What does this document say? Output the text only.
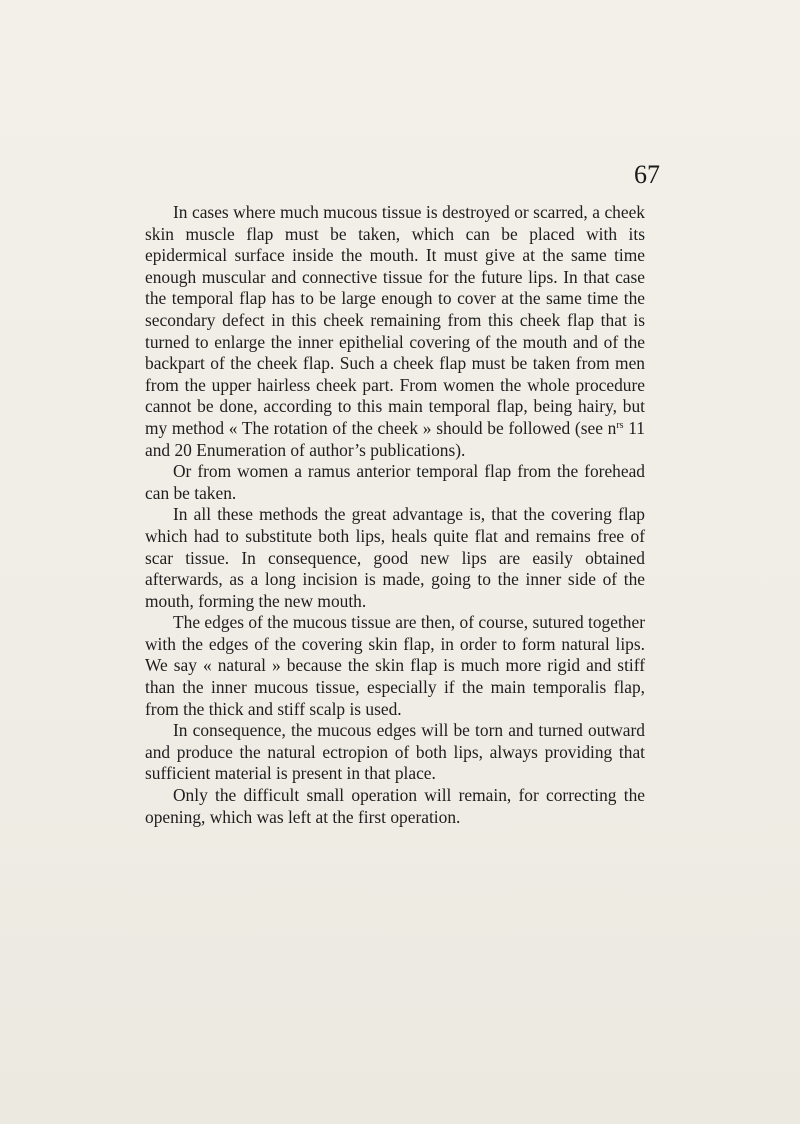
67

In cases where much mucous tissue is destroyed or scarred, a cheek skin muscle flap must be taken, which can be placed with its epidermical surface inside the mouth. It must give at the same time enough muscular and connective tissue for the future lips. In that case the temporal flap has to be large enough to cover at the same time the secondary defect in this cheek remaining from this cheek flap that is turned to enlarge the inner epithelial covering of the mouth and of the backpart of the cheek flap. Such a cheek flap must be taken from men from the upper hairless cheek part. From women the whole procedure cannot be done, according to this main temporal flap, being hairy, but my method « The rotation of the cheek » should be followed (see $n^{rs}$ 11 and 20 Enumeration of author’s publications).

Or from women a ramus anterior temporal flap from the forehead can be taken.

In all these methods the great advantage is, that the covering flap which had to substitute both lips, heals quite flat and remains free of scar tissue. In consequence, good new lips are easily obtained afterwards, as a long incision is made, going to the inner side of the mouth, forming the new mouth.

The edges of the mucous tissue are then, of course, sutured together with the edges of the covering skin flap, in order to form natural lips. We say « natural » because the skin flap is much more rigid and stiff than the inner mucous tissue, especially if the main temporalis flap, from the thick and stiff scalp is used.

In consequence, the mucous edges will be torn and turned outward and produce the natural ectropion of both lips, always providing that sufficient material is present in that place.

Only the difficult small operation will remain, for correcting the opening, which was left at the first operation.
